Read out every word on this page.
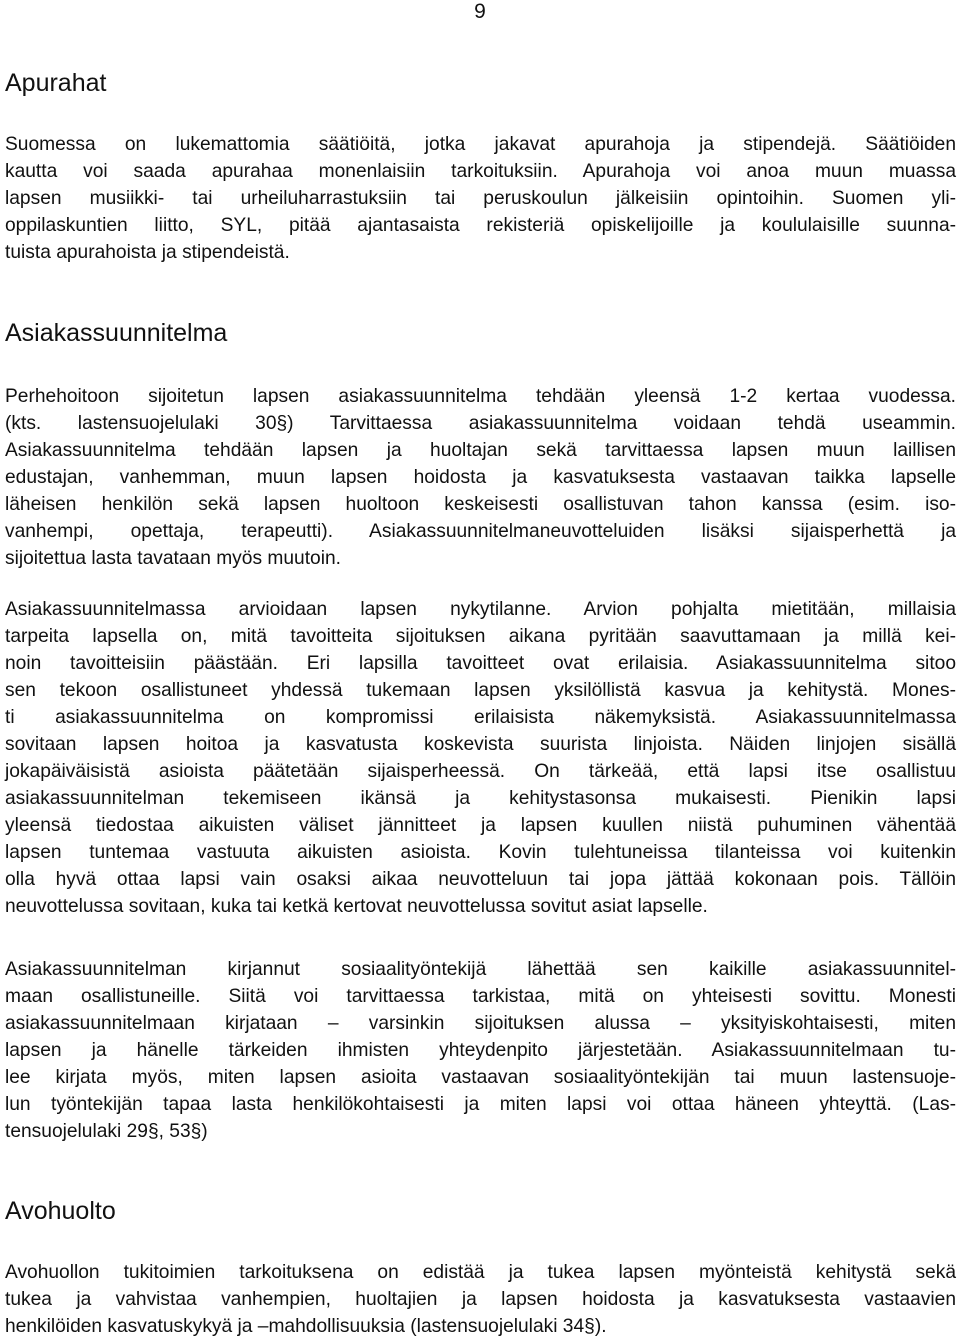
9
Apurahat
Suomessa on lukemattomia säätiöitä, jotka jakavat apurahoja ja stipendejä. Säätiöiden
kautta voi saada apurahaa monenlaisiin tarkoituksiin. Apurahoja voi anoa muun muassa
lapsen musiikki- tai urheiluharrastuksiin tai peruskoulun jälkeisiin opintoihin. Suomen yli-
oppilaskuntien liitto, SYL, pitää ajantasaista rekisteriä opiskelijoille ja koululaisille suunna-
tuista apurahoista ja stipendeistä.
Asiakassuunnitelma
Perhehoitoon sijoitetun lapsen asiakassuunnitelma tehdään yleensä 1-2 kertaa vuodessa.
(kts. lastensuojelulaki 30§) Tarvittaessa asiakassuunnitelma voidaan tehdä useammin.
Asiakassuunnitelma tehdään lapsen ja huoltajan sekä tarvittaessa lapsen muun laillisen
edustajan, vanhemman, muun lapsen hoidosta ja kasvatuksesta vastaavan taikka lapselle
läheisen henkilön sekä lapsen huoltoon keskeisesti osallistuvan tahon kanssa (esim. iso-
vanhempi, opettaja, terapeutti). Asiakassuunnitelmaneuvotteluiden lisäksi sijaisperhettä ja
sijoitettua lasta tavataan myös muutoin.
Asiakassuunnitelmassa arvioidaan lapsen nykytilanne. Arvion pohjalta mietitään, millaisia
tarpeita lapsella on, mitä tavoitteita sijoituksen aikana pyritään saavuttamaan ja millä kei-
noin tavoitteisiin päästään. Eri lapsilla tavoitteet ovat erilaisia. Asiakassuunnitelma sitoo
sen tekoon osallistuneet yhdessä tukemaan lapsen yksilöllistä kasvua ja kehitystä. Mones-
ti asiakassuunnitelma on kompromissi erilaisista näkemyksistä. Asiakassuunnitelmassa
sovitaan lapsen hoitoa ja kasvatusta koskevista suurista linjoista. Näiden linjojen sisällä
jokapäiväisistä asioista päätetään sijaisperheessä. On tärkeää, että lapsi itse osallistuu
asiakassuunnitelman tekemiseen ikänsä ja kehitystasonsa mukaisesti. Pienikin lapsi
yleensä tiedostaa aikuisten väliset jännitteet ja lapsen kuullen niistä puhuminen vähentää
lapsen tuntemaa vastuuta aikuisten asioista. Kovin tulehtuneissa tilanteissa voi kuitenkin
olla hyvä ottaa lapsi vain osaksi aikaa neuvotteluun tai jopa jättää kokonaan pois. Tällöin
neuvottelussa sovitaan, kuka tai ketkä kertovat neuvottelussa sovitut asiat lapselle.
Asiakassuunnitelman kirjannut sosiaalityöntekijä lähettää sen kaikille asiakassuunnitel-
maan osallistuneille. Siitä voi tarvittaessa tarkistaa, mitä on yhteisesti sovittu. Monesti
asiakassuunnitelmaan kirjataan – varsinkin sijoituksen alussa – yksityiskohtaisesti, miten
lapsen ja hänelle tärkeiden ihmisten yhteydenpito järjestetään. Asiakassuunnitelmaan tu-
lee kirjata myös, miten lapsen asioita vastaavan sosiaalityöntekijän tai muun lastensuoje-
lun työntekijän tapaa lasta henkilökohtaisesti ja miten lapsi voi ottaa häneen yhteyttä. (Las-
tensuojelulaki 29§, 53§)
Avohuolto
Avohuollon tukitoimien tarkoituksena on edistää ja tukea lapsen myönteistä kehitystä sekä
tukea ja vahvistaa vanhempien, huoltajien ja lapsen hoidosta ja kasvatuksesta vastaavien
henkilöiden kasvatuskykyä ja –mahdollisuuksia (lastensuojelulaki 34§).
